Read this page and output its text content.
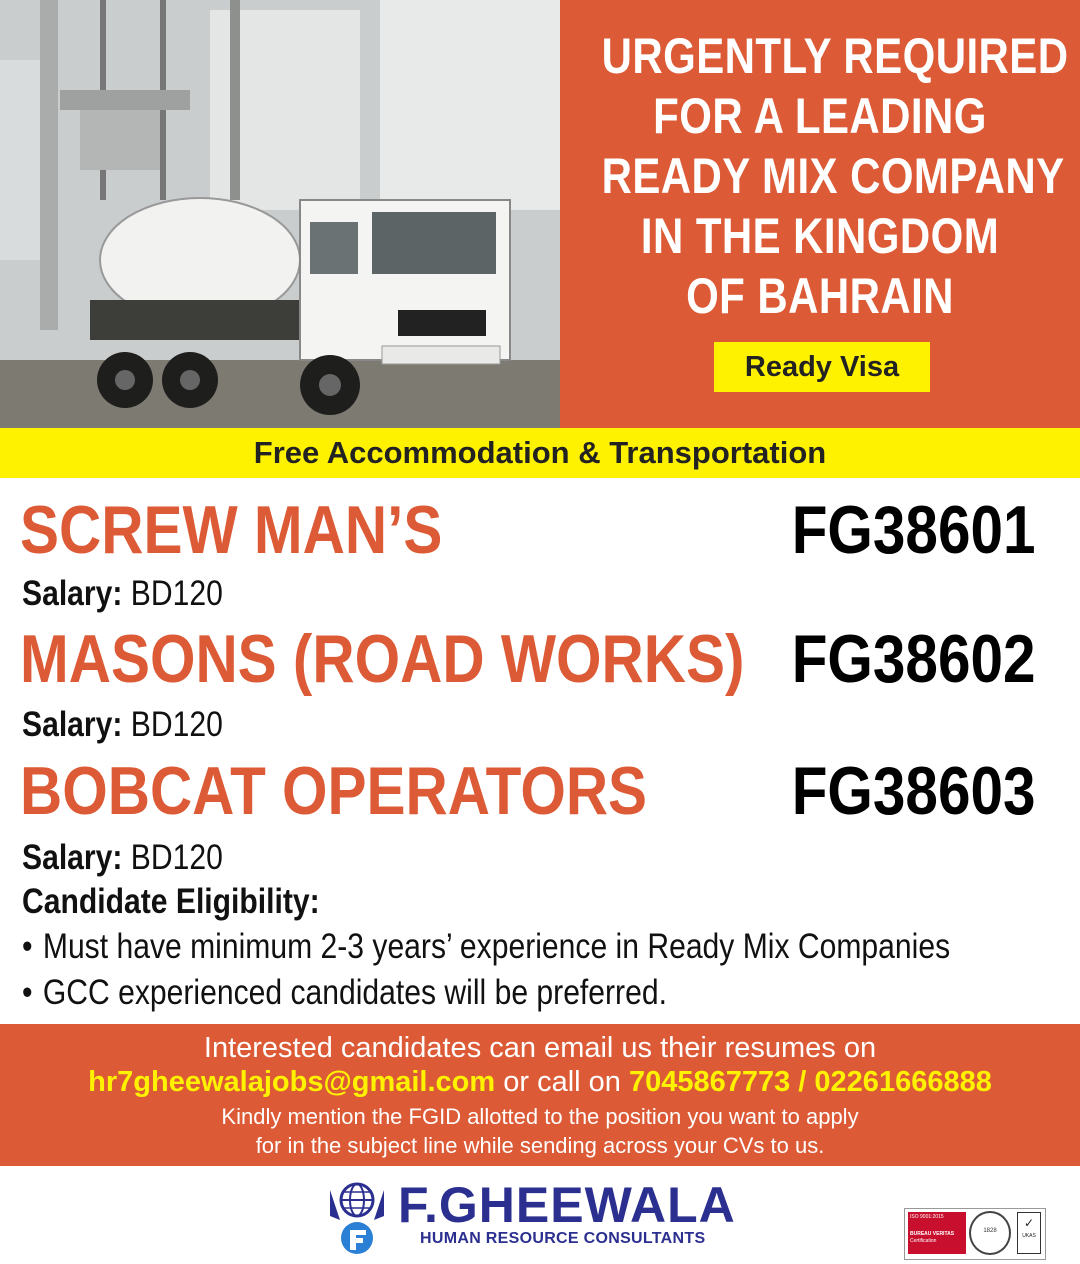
URGENTLY REQUIRED
FOR A LEADING
READY MIX COMPANY
IN THE KINGDOM
OF BAHRAIN
Ready Visa
Free Accommodation & Transportation
SCREW MAN’S	FG38601
Salary: BD120
MASONS (ROAD WORKS) FG38602
Salary: BD120
BOBCAT OPERATORS FG38603
Salary: BD120
Candidate Eligibility:
• Must have minimum 2-3 years’ experience in Ready Mix Companies
• GCC experienced candidates will be preferred.
Interested candidates can email us their resumes on
hr7gheewalajobs@gmail.com or call on 7045867773 / 02261666888
Kindly mention the FGID allotted to the position you want to apply
for in the subject line while sending across your CVs to us.
F.GHEEWALA
HUMAN RESOURCE CONSULTANTS
ISO 9001:2015
BUREAU VERITAS
Certification
1828
✓
UKAS
